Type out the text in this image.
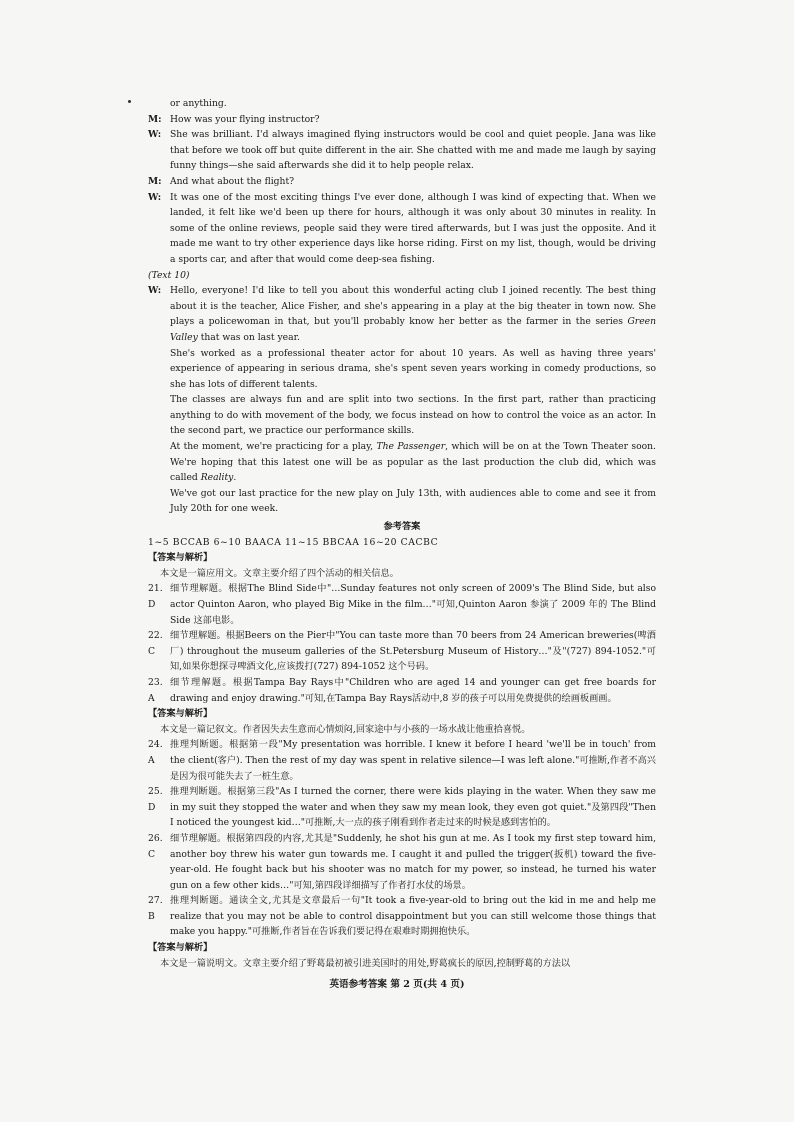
or anything.
M: How was your flying instructor?
W: She was brilliant. I'd always imagined flying instructors would be cool and quiet people. Jana was like that before we took off but quite different in the air. She chatted with me and made me laugh by saying funny things—she said afterwards she did it to help people relax.
M: And what about the flight?
W: It was one of the most exciting things I've ever done, although I was kind of expecting that. When we landed, it felt like we'd been up there for hours, although it was only about 30 minutes in reality. In some of the online reviews, people said they were tired afterwards, but I was just the opposite. And it made me want to try other experience days like horse riding. First on my list, though, would be driving a sports car, and after that would come deep-sea fishing.

(Text 10)

W: Hello, everyone! I'd like to tell you about this wonderful acting club I joined recently. The best thing about it is the teacher, Alice Fisher, and she's appearing in a play at the big theater in town now. She plays a policewoman in that, but you'll probably know her better as the farmer in the series Green Valley that was on last year.
She's worked as a professional theater actor for about 10 years. As well as having three years' experience of appearing in serious drama, she's spent seven years working in comedy productions, so she has lots of different talents.
The classes are always fun and are split into two sections. In the first part, rather than practicing anything to do with movement of the body, we focus instead on how to control the voice as an actor. In the second part, we practice our performance skills.
At the moment, we're practicing for a play, The Passenger, which will be on at the Town Theater soon. We're hoping that this latest one will be as popular as the last production the club did, which was called Reality.
We've got our last practice for the new play on July 13th, with audiences able to come and see it from July 20th for one week.

参考答案

1~5 BCCAB 6~10 BAACA 11~15 BBCAA 16~20 CACBC

【答案与解析】

本文是一篇应用文。文章主要介绍了四个活动的相关信息。

21. D
细节理解题。根据The Blind Side中"…Sunday features not only screen of 2009's The Blind Side, but also actor Quinton Aaron, who played Big Mike in the film…"可知,Quinton Aaron 参演了 2009 年的 The Blind Side 这部电影。
22. C
细节理解题。根据Beers on the Pier中"You can taste more than 70 beers from 24 American breweries(啤酒厂) throughout the museum galleries of the St.Petersburg Museum of History…"及"(727) 894-1052."可知,如果你想探寻啤酒文化,应该拨打(727) 894-1052 这个号码。
23. A
细节理解题。根据Tampa Bay Rays中"Children who are aged 14 and younger can get free boards for drawing and enjoy drawing."可知,在Tampa Bay Rays活动中,8 岁的孩子可以用免费提供的绘画板画画。

【答案与解析】

本文是一篇记叙文。作者因失去生意而心情烦闷,回家途中与小孩的一场水战让他重拾喜悦。

24. A
推理判断题。根据第一段"My presentation was horrible. I knew it before I heard 'we'll be in touch' from the client(客户). Then the rest of my day was spent in relative silence—I was left alone."可推断,作者不高兴是因为很可能失去了一桩生意。
25. D
推理判断题。根据第三段"As I turned the corner, there were kids playing in the water. When they saw me in my suit they stopped the water and when they saw my mean look, they even got quiet."及第四段"Then I noticed the youngest kid…"可推断,大一点的孩子刚看到作者走过来的时候是感到害怕的。
26. C
细节理解题。根据第四段的内容,尤其是"Suddenly, he shot his gun at me. As I took my first step toward him, another boy threw his water gun towards me. I caught it and pulled the trigger(扳机) toward the five-year-old. He fought back but his shooter was no match for my power, so instead, he turned his water gun on a few other kids…"可知,第四段详细描写了作者打水仗的场景。
27. B
推理判断题。通读全文,尤其是文章最后一句"It took a five-year-old to bring out the kid in me and help me realize that you may not be able to control disappointment but you can still welcome those things that make you happy."可推断,作者旨在告诉我们要记得在艰难时期拥抱快乐。

【答案与解析】

本文是一篇说明文。文章主要介绍了野葛最初被引进美国时的用处,野葛疯长的原因,控制野葛的方法以

英语参考答案 第 2 页(共 4 页)
